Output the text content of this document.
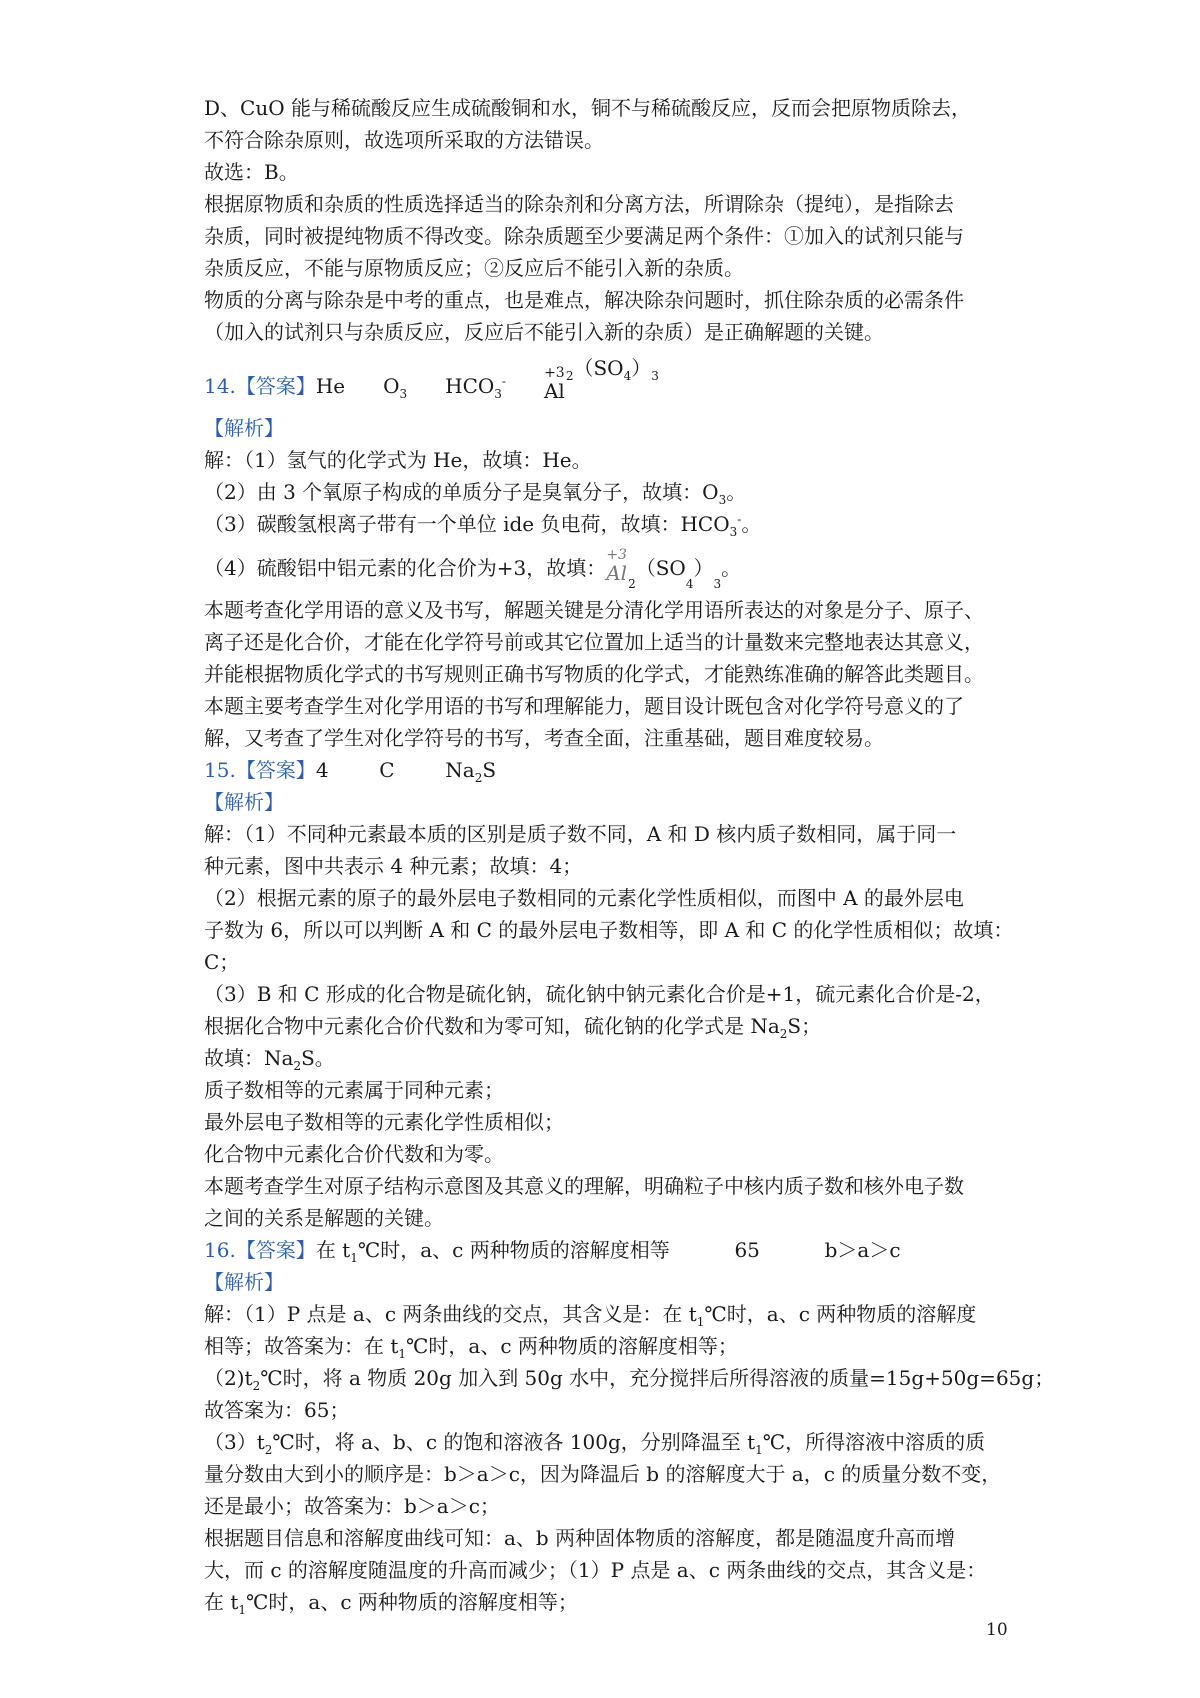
D、CuO 能与稀硫酸反应生成硫酸铜和水，铜不与稀硫酸反应，反而会把原物质除去，
不符合除杂原则，故选项所采取的方法错误。
故选：B。
根据原物质和杂质的性质选择适当的除杂剂和分离方法，所谓除杂（提纯），是指除去
杂质，同时被提纯物质不得改变。除杂质题至少要满足两个条件：①加入的试剂只能与
杂质反应，不能与原物质反应；②反应后不能引入新的杂质。
物质的分离与除杂是中考的重点，也是难点，解决除杂问题时，抓住除杂质的必需条件
（加入的试剂只与杂质反应，反应后不能引入新的杂质）是正确解题的关键。
14. 【答案】 He $O_3$ $HCO_3^-$
+3
Al
$_2(SO_4)_3$
【解析】
解：（1）氢气的化学式为 He，故填：He。
（2）由 3 个氧原子构成的单质分子是臭氧分子，故填：$O_3$。
（3）碳酸氢根离子带有一个单位 ide 负电荷，故填：$HCO_3^-$。
（4）硫酸铝中铝元素的化合价为+3，故填：
+3
Al 2
（SO
4
）
3
。
本题考查化学用语的意义及书写，解题关键是分清化学用语所表达的对象是分子、原子、
离子还是化合价，才能在化学符号前或其它位置加上适当的计量数来完整地表达其意义，
并能根据物质化学式的书写规则正确书写物质的化学式，才能熟练准确的解答此类题目。
本题主要考查学生对化学用语的书写和理解能力，题目设计既包含对化学符号意义的了
解，又考查了学生对化学符号的书写，考查全面，注重基础，题目难度较易。
15.【答案】4	C	$Na_2S$
【解析】
解：（1）不同种元素最本质的区别是质子数不同，A 和 D 核内质子数相同，属于同一
种元素，图中共表示 4 种元素；故填：4；
（2）根据元素的原子的最外层电子数相同的元素化学性质相似，而图中 A 的最外层电
子数为 6，所以可以判断 A 和 C 的最外层电子数相等，即 A 和 C 的化学性质相似；故填：
C；
（3）B 和 C 形成的化合物是硫化钠，硫化钠中钠元素化合价是+1，硫元素化合价是-2，
根据化合物中元素化合价代数和为零可知，硫化钠的化学式是 $Na_2S$；
故填：$Na_2S$。
质子数相等的元素属于同种元素；
最外层电子数相等的元素化学性质相似；
化合物中元素化合价代数和为零。
本题考查学生对原子结构示意图及其意义的理解，明确粒子中核内质子数和核外电子数
之间的关系是解题的关键。
16.【答案】在 $t_1℃$时，a、c 两种物质的溶解度相等	65	b＞a＞c
【解析】
解：（1）P 点是 a、c 两条曲线的交点，其含义是：在 $t_1℃$时，a、c 两种物质的溶解度
相等；故答案为：在 $t_1℃$时，a、c 两种物质的溶解度相等；
$(2)t_2℃$时，将 a 物质 20g 加入到 50g 水中，充分搅拌后所得溶液的质量=15g+50g=65g；
故答案为：65；
$(3)t_2℃$时，将 a、b、c 的饱和溶液各 100g，分别降温至 $t_1℃$，所得溶液中溶质的质
量分数由大到小的顺序是：b＞a＞c，因为降温后 b 的溶解度大于 a，c 的质量分数不变，
还是最小；故答案为：b＞a＞c；
根据题目信息和溶解度曲线可知：a、b 两种固体物质的溶解度，都是随温度升高而增
大，而 c 的溶解度随温度的升高而减少；（1）P 点是 a、c 两条曲线的交点，其含义是：
在 $t_1℃$时，a、c 两种物质的溶解度相等；
10
